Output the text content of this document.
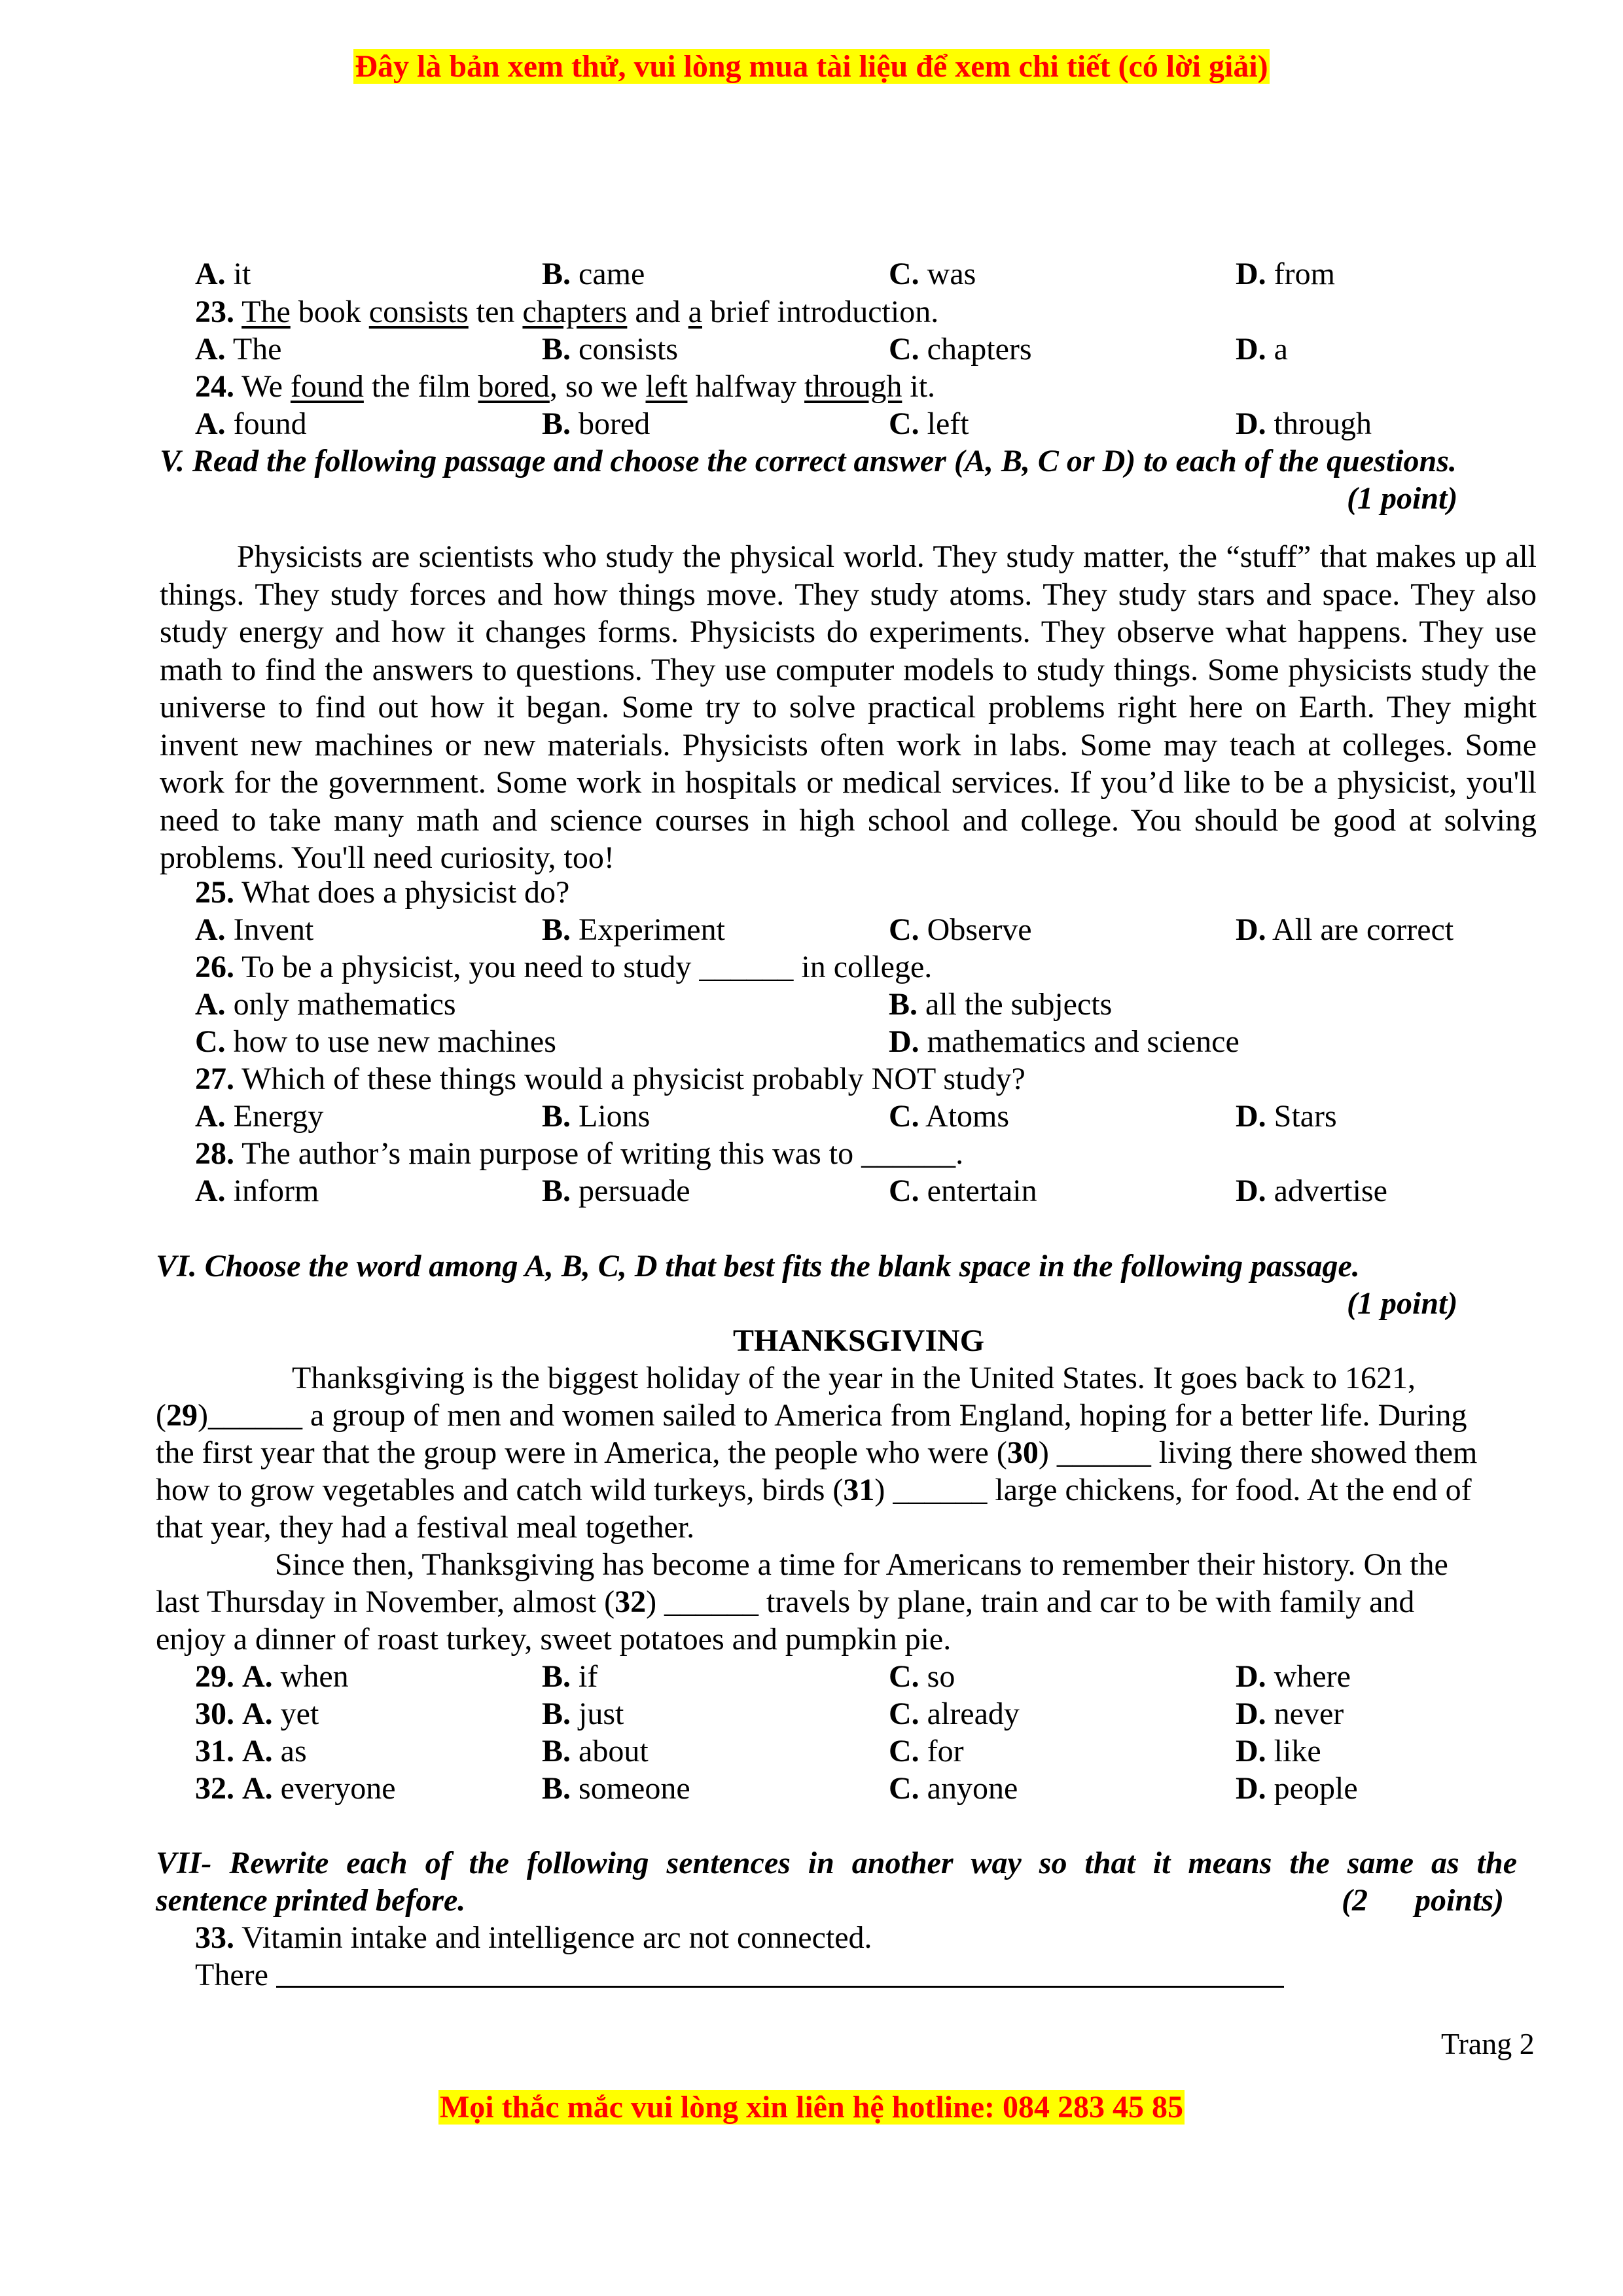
Đây là bản xem thử, vui lòng mua tài liệu để xem chi tiết (có lời giải)
A. it	B. came	C. was	D. from
23. The book consists ten chapters and a brief introduction.
A. The	B. consists	C. chapters	D. a
24. We found the film bored, so we left halfway through it.
A. found	B. bored	C. left	D. through
V. Read the following passage and choose the correct answer (A, B, C or D) to each of the questions.
(1 point)
Physicists are scientists who study the physical world. They study matter, the “stuff” that makes up all things. They study forces and how things move. They study atoms. They study stars and space. They also study energy and how it changes forms. Physicists do experiments. They observe what happens. They use math to find the answers to questions. They use computer models to study things. Some physicists study the universe to find out how it began. Some try to solve practical problems right here on Earth. They might invent new machines or new materials. Physicists often work in labs. Some may teach at colleges. Some work for the government. Some work in hospitals or medical services. If you’d like to be a physicist, you'll need to take many math and science courses in high school and college. You should be good at solving problems. You'll need curiosity, too!
25. What does a physicist do?
A. Invent	B. Experiment	C. Observe	D. All are correct
26. To be a physicist, you need to study ______ in college.
A. only mathematics	B. all the subjects
C. how to use new machines	D. mathematics and science
27. Which of these things would a physicist probably NOT study?
A. Energy	B. Lions	C. Atoms	D. Stars
28. The author’s main purpose of writing this was to ______.
A. inform	B. persuade	C. entertain	D. advertise
VI. Choose the word among A, B, C, D that best fits the blank space in the following passage.
(1 point)
THANKSGIVING
Thanksgiving is the biggest holiday of the year in the United States. It goes back to 1621,
(29)______ a group of men and women sailed to America from England, hoping for a better life. During
the first year that the group were in America, the people who were (30) ______ living there showed them
how to grow vegetables and catch wild turkeys, birds (31) ______ large chickens, for food. At the end of
that year, they had a festival meal together.
Since then, Thanksgiving has become a time for Americans to remember their history. On the
last Thursday in November, almost (32) ______ travels by plane, train and car to be with family and
enjoy a dinner of roast turkey, sweet potatoes and pumpkin pie.
29. A. when	B. if	C. so	D. where
30. A. yet	B. just	C. already	D. never
31. A. as	B. about	C. for	D. like
32. A. everyone	B. someone	C. anyone	D. people
VII- Rewrite each of the following sentences in another way so that it means the same as the
sentence printed before.	(2      points)
33. Vitamin intake and intelligence arc not connected.
There
Trang 2
Mọi thắc mắc vui lòng xin liên hệ hotline: 084 283 45 85
